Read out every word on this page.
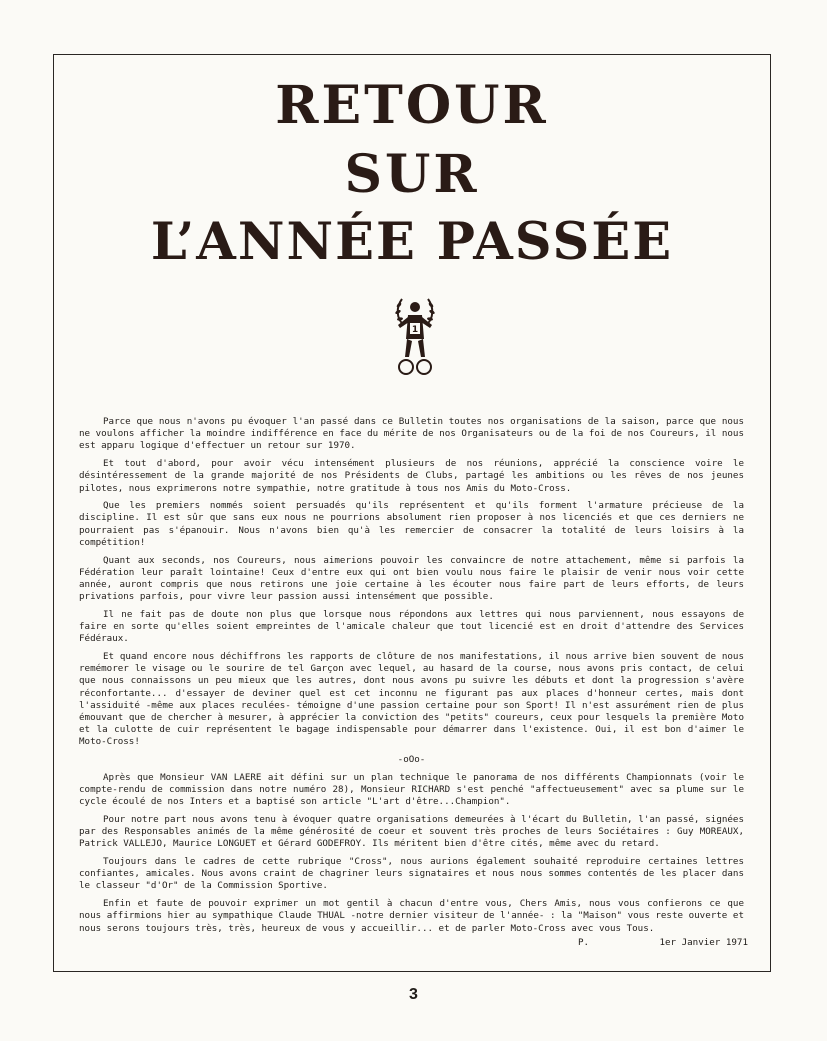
RETOUR
SUR
L’ANNÉE PASSÉE
1

Parce que nous n'avons pu évoquer l'an passé dans ce Bulletin toutes nos organisations de la saison, parce que nous ne voulons afficher la moindre indifférence en face du mérite de nos Organisateurs ou de la foi de nos Coureurs, il nous est apparu logique d'effectuer un retour sur 1970.

Et tout d'abord, pour avoir vécu intensément plusieurs de nos réunions, apprécié la conscience voire le désintéressement de la grande majorité de nos Présidents de Clubs, partagé les ambitions ou les rêves de nos jeunes pilotes, nous exprimerons notre sympathie, notre gratitude à tous nos Amis du Moto-Cross.

Que les premiers nommés soient persuadés qu'ils représentent et qu'ils forment l'armature précieuse de la discipline. Il est sûr que sans eux nous ne pourrions absolument rien proposer à nos licenciés et que ces derniers ne pourraient pas s'épanouir. Nous n'avons bien qu'à les remercier de consacrer la totalité de leurs loisirs à la compétition!

Quant aux seconds, nos Coureurs, nous aimerions pouvoir les convaincre de notre attachement, même si parfois la Fédération leur paraît lointaine! Ceux d'entre eux qui ont bien voulu nous faire le plaisir de venir nous voir cette année, auront compris que nous retirons une joie certaine à les écouter nous faire part de leurs efforts, de leurs privations parfois, pour vivre leur passion aussi intensément que possible.

Il ne fait pas de doute non plus que lorsque nous répondons aux lettres qui nous parviennent, nous essayons de faire en sorte qu'elles soient empreintes de l'amicale chaleur que tout licencié est en droit d'attendre des Services Fédéraux.

Et quand encore nous déchiffrons les rapports de clôture de nos manifestations, il nous arrive bien souvent de nous remémorer le visage ou le sourire de tel Garçon avec lequel, au hasard de la course, nous avons pris contact, de celui que nous connaissons un peu mieux que les autres, dont nous avons pu suivre les débuts et dont la progression s'avère réconfortante... d'essayer de deviner quel est cet inconnu ne figurant pas aux places d'honneur certes, mais dont l'assiduité -même aux places reculées- témoigne d'une passion certaine pour son Sport! Il n'est assurément rien de plus émouvant que de chercher à mesurer, à apprécier la conviction des "petits" coureurs, ceux pour lesquels la première Moto et la culotte de cuir représentent le bagage indispensable pour démarrer dans l'existence. Oui, il est bon d'aimer le Moto-Cross!

-oOo-

Après que Monsieur VAN LAERE ait défini sur un plan technique le panorama de nos différents Championnats (voir le compte-rendu de commission dans notre numéro 28), Monsieur RICHARD s'est penché "affectueusement" avec sa plume sur le cycle écoulé de nos Inters et a baptisé son article "L'art d'être...Champion".

Pour notre part nous avons tenu à évoquer quatre organisations demeurées à l'écart du Bulletin, l'an passé, signées par des Responsables animés de la même générosité de coeur et souvent très proches de leurs Sociétaires : Guy MOREAUX, Patrick VALLEJO, Maurice LONGUET et Gérard GODEFROY. Ils méritent bien d'être cités, même avec du retard.

Toujours dans le cadres de cette rubrique "Cross", nous aurions également souhaité reproduire certaines lettres confiantes, amicales. Nous avons craint de chagriner leurs signataires et nous nous sommes contentés de les placer dans le classeur "d'Or" de la Commission Sportive.

Enfin et faute de pouvoir exprimer un mot gentil à chacun d'entre vous, Chers Amis, nous vous confierons ce que nous affirmions hier au sympathique Claude THUAL -notre dernier visiteur de l'année- : la "Maison" vous reste ouverte et nous serons toujours très, très, heureux de vous y accueillir... et de parler Moto-Cross avec vous Tous.

P.	1er Janvier 1971
3
